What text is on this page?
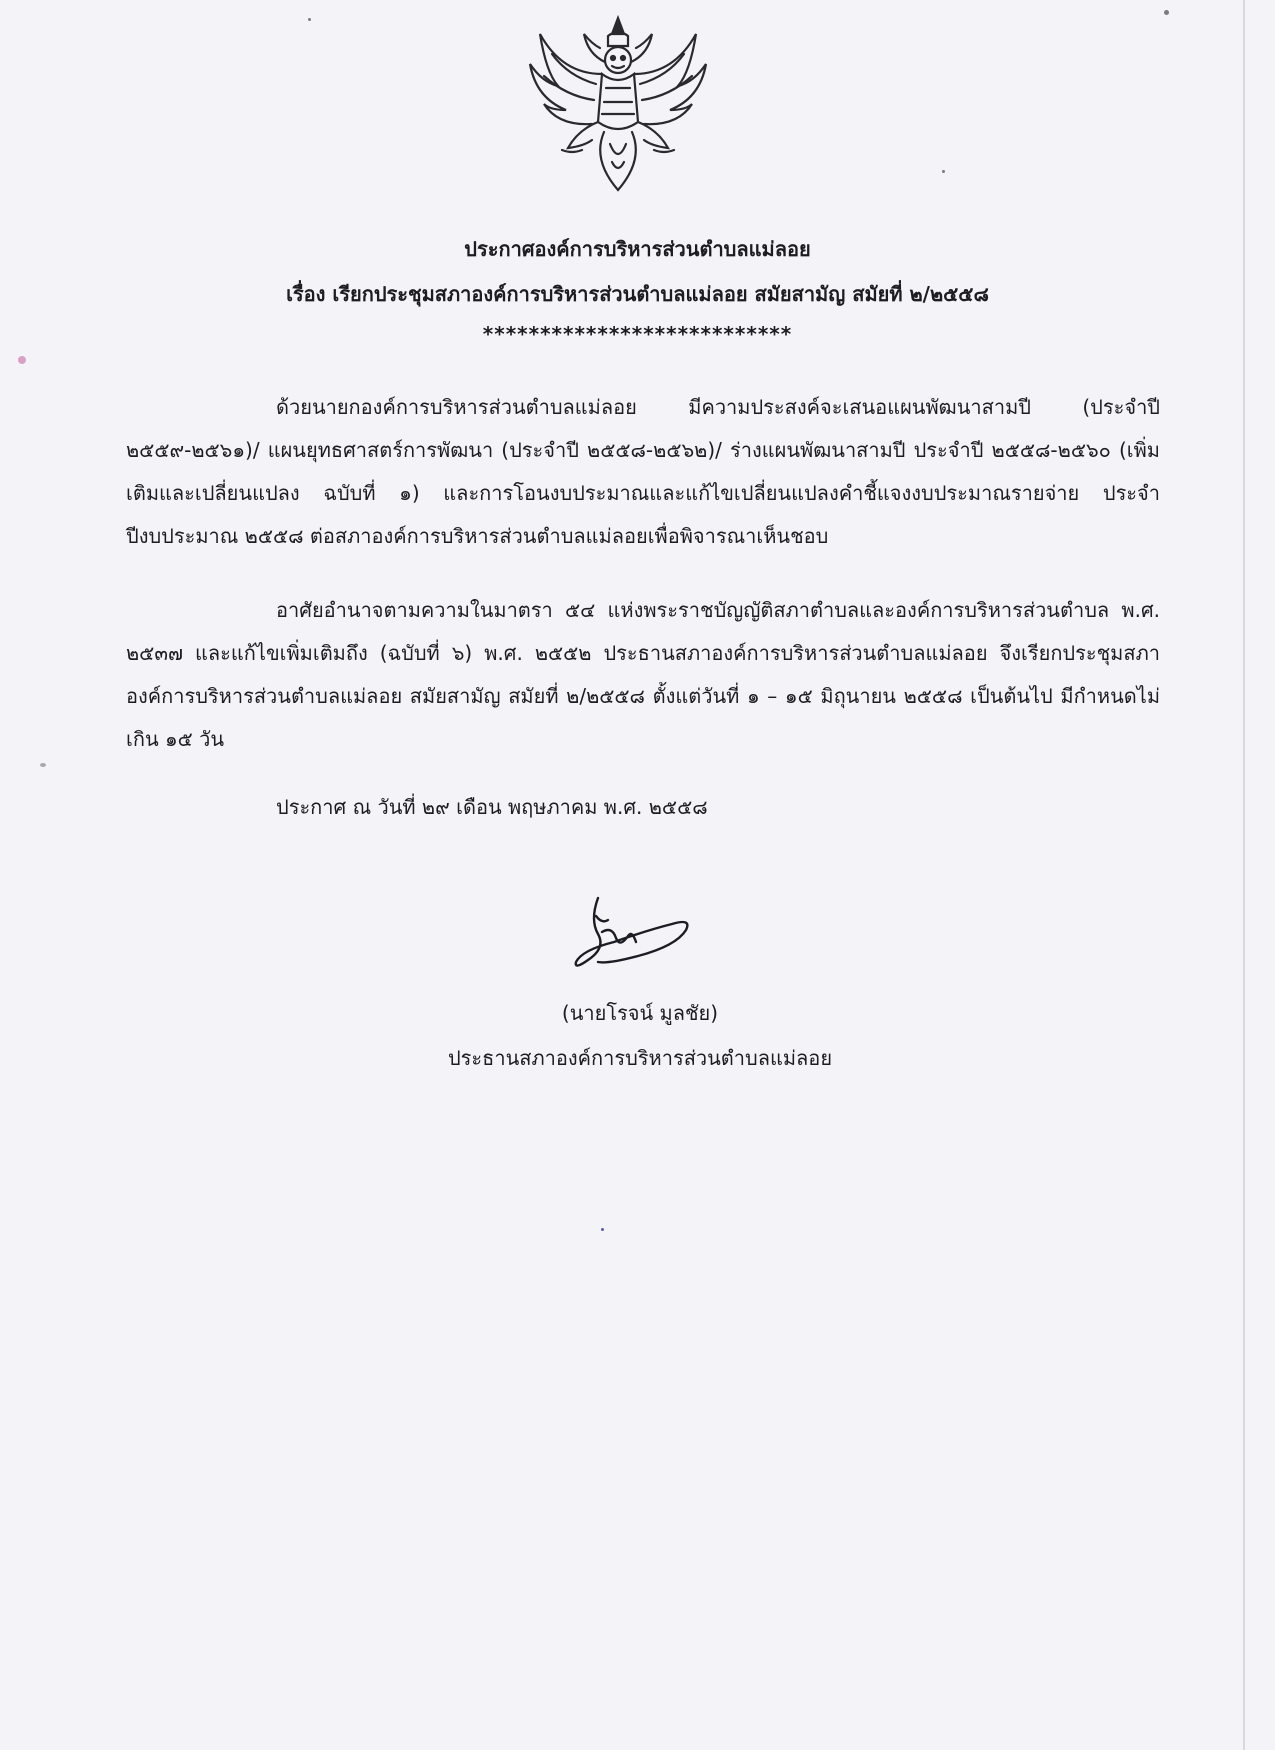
ประกาศองค์การบริหารส่วนตำบลแม่ลอย
เรื่อง เรียกประชุมสภาองค์การบริหารส่วนตำบลแม่ลอย สมัยสามัญ สมัยที่ ๒/๒๕๕๘
***************************

ด้วยนายกองค์การบริหารส่วนตำบลแม่ลอย มีความประสงค์จะเสนอแผนพัฒนาสามปี (ประจำปี ๒๕๕๙-๒๕๖๑)/ แผนยุทธศาสตร์การพัฒนา (ประจำปี ๒๕๕๘-๒๕๖๒)/ ร่างแผนพัฒนาสามปี ประจำปี ๒๕๕๘-๒๕๖๐ (เพิ่มเติมและเปลี่ยนแปลง ฉบับที่ ๑) และการโอนงบประมาณและแก้ไขเปลี่ยนแปลงคำชี้แจงงบประมาณรายจ่าย ประจำปีงบประมาณ ๒๕๕๘ ต่อสภาองค์การบริหารส่วนตำบลแม่ลอยเพื่อพิจารณาเห็นชอบ

อาศัยอำนาจตามความในมาตรา ๕๔ แห่งพระราชบัญญัติสภาตำบลและองค์การบริหารส่วนตำบล พ.ศ. ๒๕๓๗ และแก้ไขเพิ่มเติมถึง (ฉบับที่ ๖) พ.ศ. ๒๕๕๒ ประธานสภาองค์การบริหารส่วนตำบลแม่ลอย จึงเรียกประชุมสภาองค์การบริหารส่วนตำบลแม่ลอย สมัยสามัญ สมัยที่ ๒/๒๕๕๘ ตั้งแต่วันที่ ๑ – ๑๕ มิถุนายน ๒๕๕๘ เป็นต้นไป มีกำหนดไม่เกิน ๑๕ วัน

ประกาศ ณ วันที่ ๒๙ เดือน พฤษภาคม พ.ศ. ๒๕๕๘
(นายโรจน์ มูลชัย)
ประธานสภาองค์การบริหารส่วนตำบลแม่ลอย
